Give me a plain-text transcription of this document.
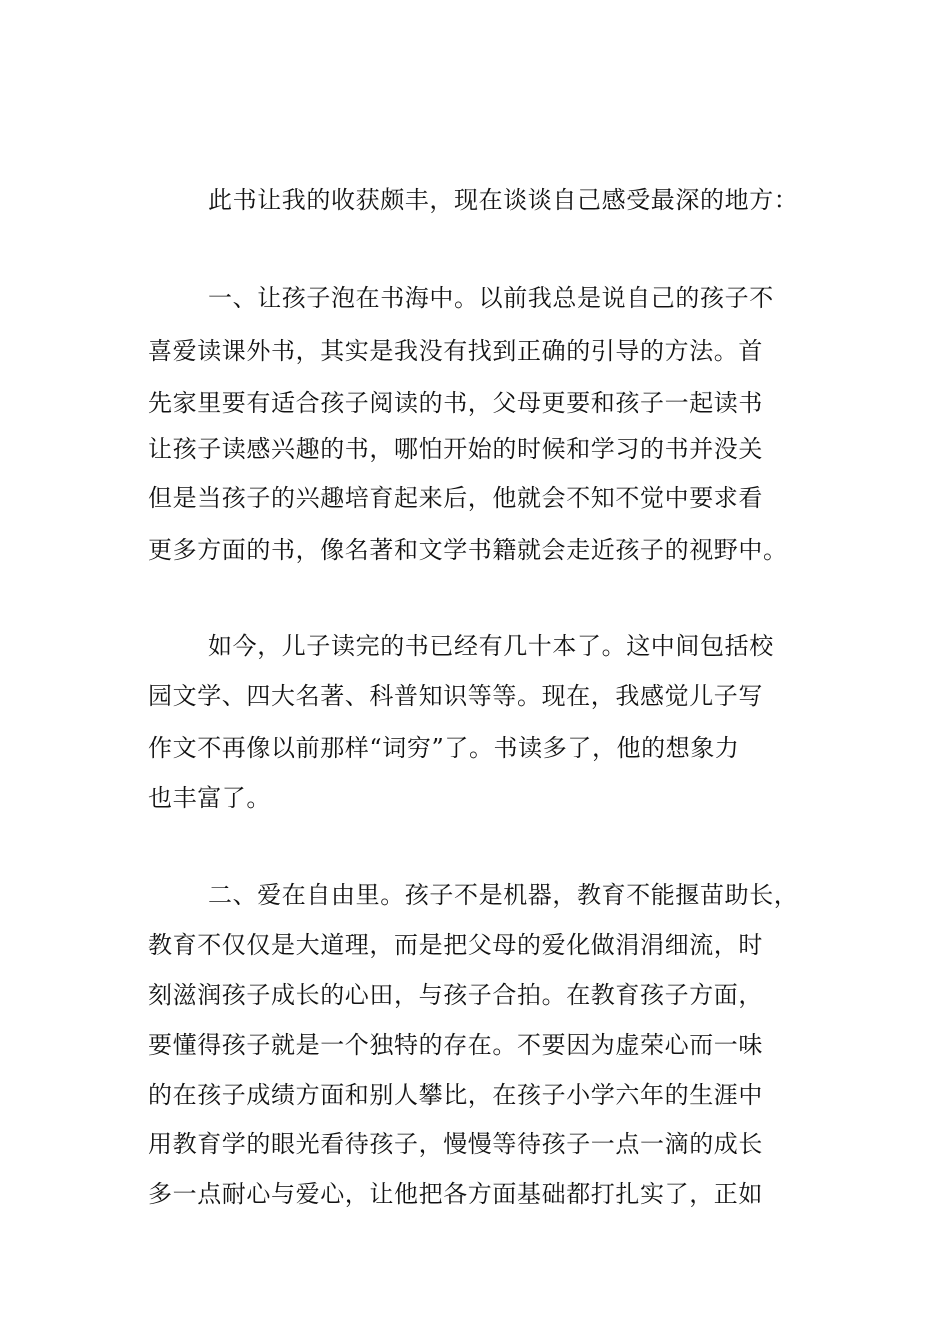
此书让我的收获颇丰，现在谈谈自己感受最深的地方：
一、让孩子泡在书海中。以前我总是说自己的孩子不
喜爱读课外书，其实是我没有找到正确的引导的方法。首
先家里要有适合孩子阅读的书，父母更要和孩子一起读书
让孩子读感兴趣的书，哪怕开始的时候和学习的书并没关
但是当孩子的兴趣培育起来后，他就会不知不觉中要求看
更多方面的书，像名著和文学书籍就会走近孩子的视野中。
如今，儿子读完的书已经有几十本了。这中间包括校
园文学、四大名著、科普知识等等。现在，我感觉儿子写
作文不再像以前那样“词穷”了。书读多了，他的想象力
也丰富了。
二、爱在自由里。孩子不是机器，教育不能揠苗助长，
教育不仅仅是大道理，而是把父母的爱化做涓涓细流，时
刻滋润孩子成长的心田，与孩子合拍。在教育孩子方面，
要懂得孩子就是一个独特的存在。不要因为虚荣心而一味
的在孩子成绩方面和别人攀比，在孩子小学六年的生涯中
用教育学的眼光看待孩子，慢慢等待孩子一点一滴的成长
多一点耐心与爱心，让他把各方面基础都打扎实了，正如
